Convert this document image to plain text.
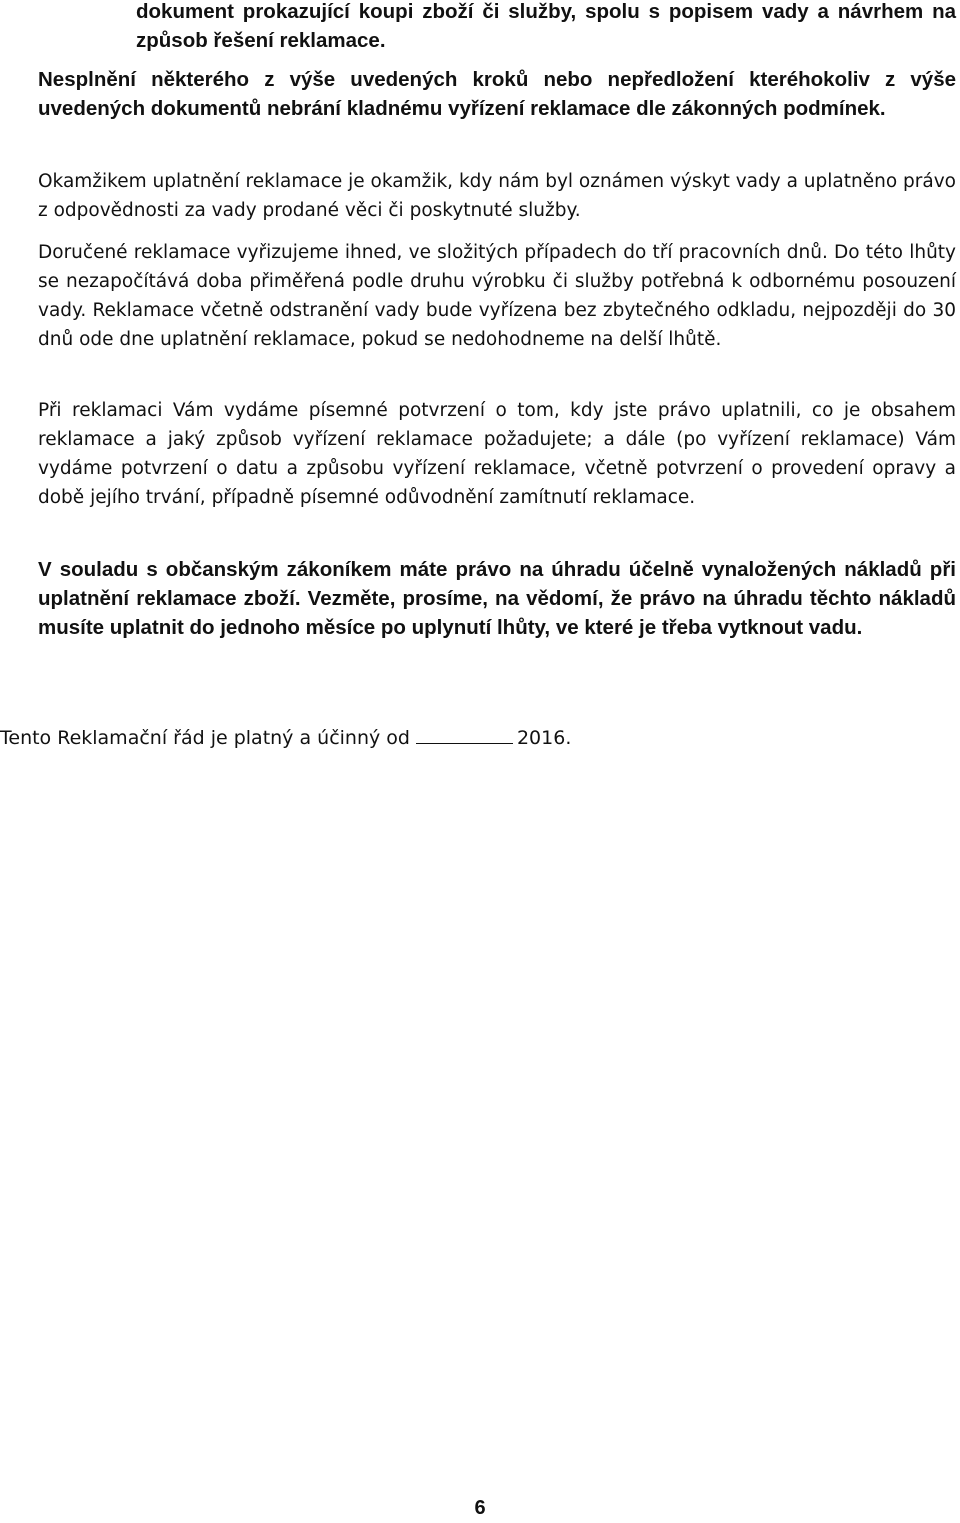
dokument prokazující koupi zboží či služby, spolu s popisem vady a návrhem na způsob řešení reklamace.

Nesplnění některého z výše uvedených kroků nebo nepředložení kteréhokoliv z výše uvedených dokumentů nebrání kladnému vyřízení reklamace dle zákonných podmínek.

Okamžikem uplatnění reklamace je okamžik, kdy nám byl oznámen výskyt vady a uplatněno právo z odpovědnosti za vady prodané věci či poskytnuté služby.

Doručené reklamace vyřizujeme ihned, ve složitých případech do tří pracovních dnů. Do této lhůty se nezapočítává doba přiměřená podle druhu výrobku či služby potřebná k odbornému posouzení vady. Reklamace včetně odstranění vady bude vyřízena bez zbytečného odkladu, nejpozději do 30 dnů ode dne uplatnění reklamace, pokud se nedohodneme na delší lhůtě.

Při reklamaci Vám vydáme písemné potvrzení o tom, kdy jste právo uplatnili, co je obsahem reklamace a jaký způsob vyřízení reklamace požadujete; a dále (po vyřízení reklamace) Vám vydáme potvrzení o datu a způsobu vyřízení reklamace, včetně potvrzení o provedení opravy a době jejího trvání, případně písemné odůvodnění zamítnutí reklamace.

V souladu s občanským zákoníkem máte právo na úhradu účelně vynaložených nákladů při uplatnění reklamace zboží. Vezměte, prosíme, na vědomí, že právo na úhradu těchto nákladů musíte uplatnit do jednoho měsíce po uplynutí lhůty, ve které je třeba vytknout vadu.

Tento Reklamační řád je platný a účinný od	2016.
6
